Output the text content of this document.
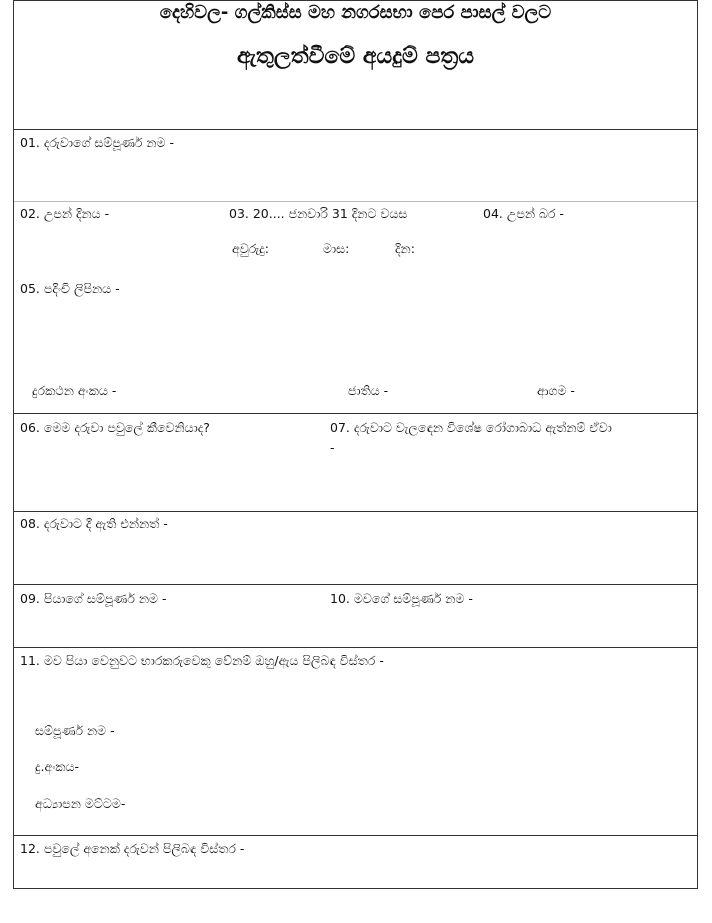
දෙහිවල- ගල්කිස්ස මහ නගරසභා පෙර පාසල් වලට
ඇතුලත්වීමේ අයදුම් පත්‍රය
01. දරුවාගේ සම්පූර්ණ නම -
02. උපන් දිනය -	03. 20.... ජනවාරි 31 දිනට වයස	04. උපන් බර -
අවුරුදු:	මාස:	දින:
05. පදිංචි ලිපිනය -
දුරකථන අංකය -	ජාතිය -	ආගම -
06. මෙම දරුවා පවුලේ කීවෙනියාද?	07. දරුවාට වැලඳෙන විශේෂ රෝගාබාධ ඇත්නම් ඒවා
-
08. දරුවාට දී ඇති එන්නත් -
09. පියාගේ සම්පූර්ණ නම -	10. මවගේ සම්පූර්ණ නම -
11. මව පියා වෙනුවට භාරකරුවෙකු වේනම් ඔහු/ඇය පිලිබඳ විස්තර -
සම්පූර්ණ නම -
දු.අංකය-
අධ්‍යාපන මට්ටම-
12. පවුලේ අනෙක් දරුවන් පිලිබඳ විස්තර -
